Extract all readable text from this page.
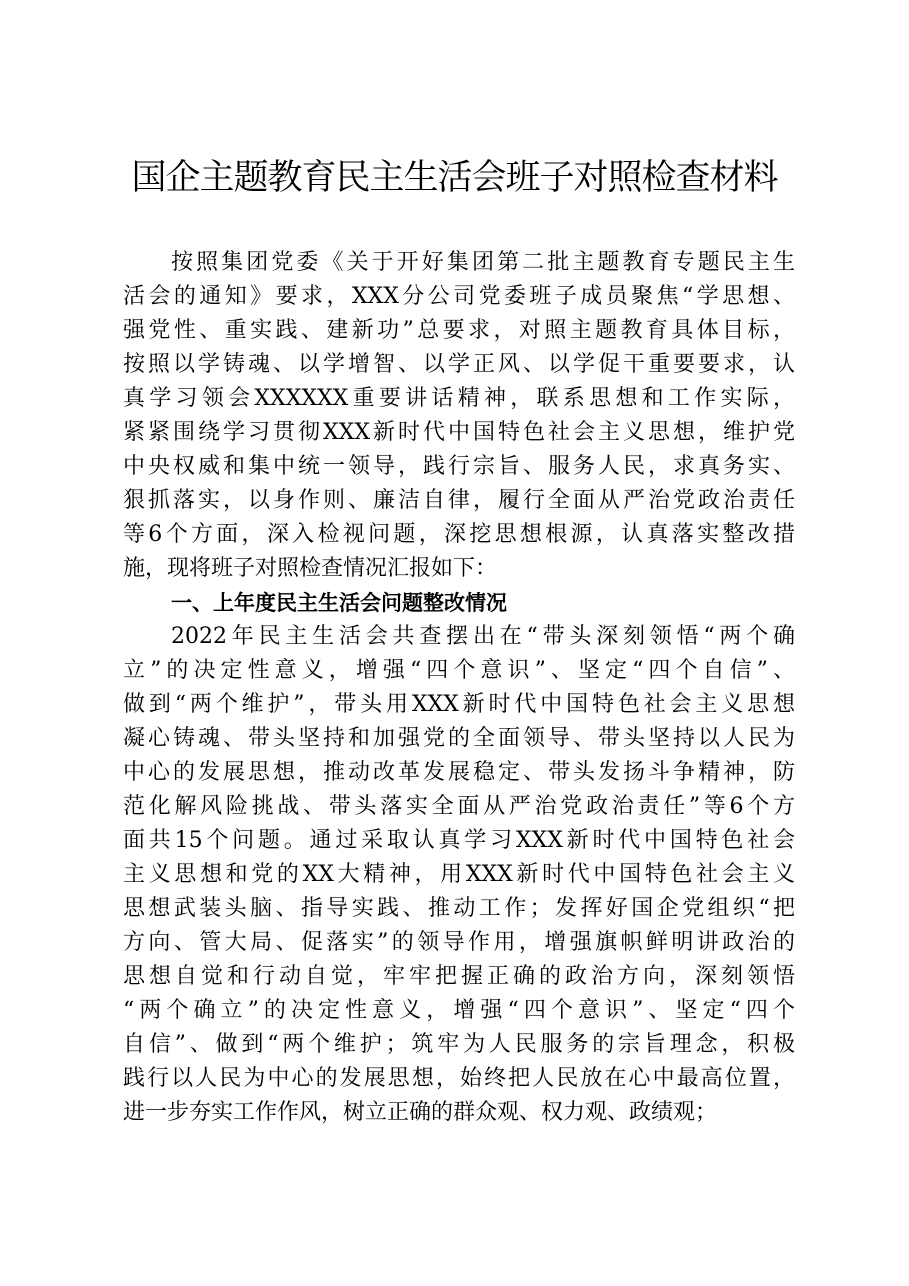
国企主题教育民主生活会班子对照检查材料
按照集团党委《关于开好集团第二批主题教育专题民主生
活会的通知》要求，XXX分公司党委班子成员聚焦“学思想、
强党性、重实践、建新功”总要求，对照主题教育具体目标，
按照以学铸魂、以学增智、以学正风、以学促干重要要求，认
真学习领会XXXXXX重要讲话精神，联系思想和工作实际，
紧紧围绕学习贯彻XXX新时代中国特色社会主义思想，维护党
中央权威和集中统一领导，践行宗旨、服务人民，求真务实、
狠抓落实，以身作则、廉洁自律，履行全面从严治党政治责任
等6个方面，深入检视问题，深挖思想根源，认真落实整改措
施，现将班子对照检查情况汇报如下：
一、上年度民主生活会问题整改情况
2022年民主生活会共查摆出在“带头深刻领悟“两个确
立”的决定性意义，增强“四个意识”、坚定“四个自信”、
做到“两个维护”，带头用XXX新时代中国特色社会主义思想
凝心铸魂、带头坚持和加强党的全面领导、带头坚持以人民为
中心的发展思想，推动改革发展稳定、带头发扬斗争精神，防
范化解风险挑战、带头落实全面从严治党政治责任”等6个方
面共15个问题。通过采取认真学习XXX新时代中国特色社会
主义思想和党的XX大精神，用XXX新时代中国特色社会主义
思想武装头脑、指导实践、推动工作；发挥好国企党组织“把
方向、管大局、促落实”的领导作用，增强旗帜鲜明讲政治的
思想自觉和行动自觉，牢牢把握正确的政治方向，深刻领悟
“两个确立”的决定性意义，增强“四个意识”、坚定“四个
自信”、做到“两个维护；筑牢为人民服务的宗旨理念，积极
践行以人民为中心的发展思想，始终把人民放在心中最高位置，
进一步夯实工作作风，树立正确的群众观、权力观、政绩观；
